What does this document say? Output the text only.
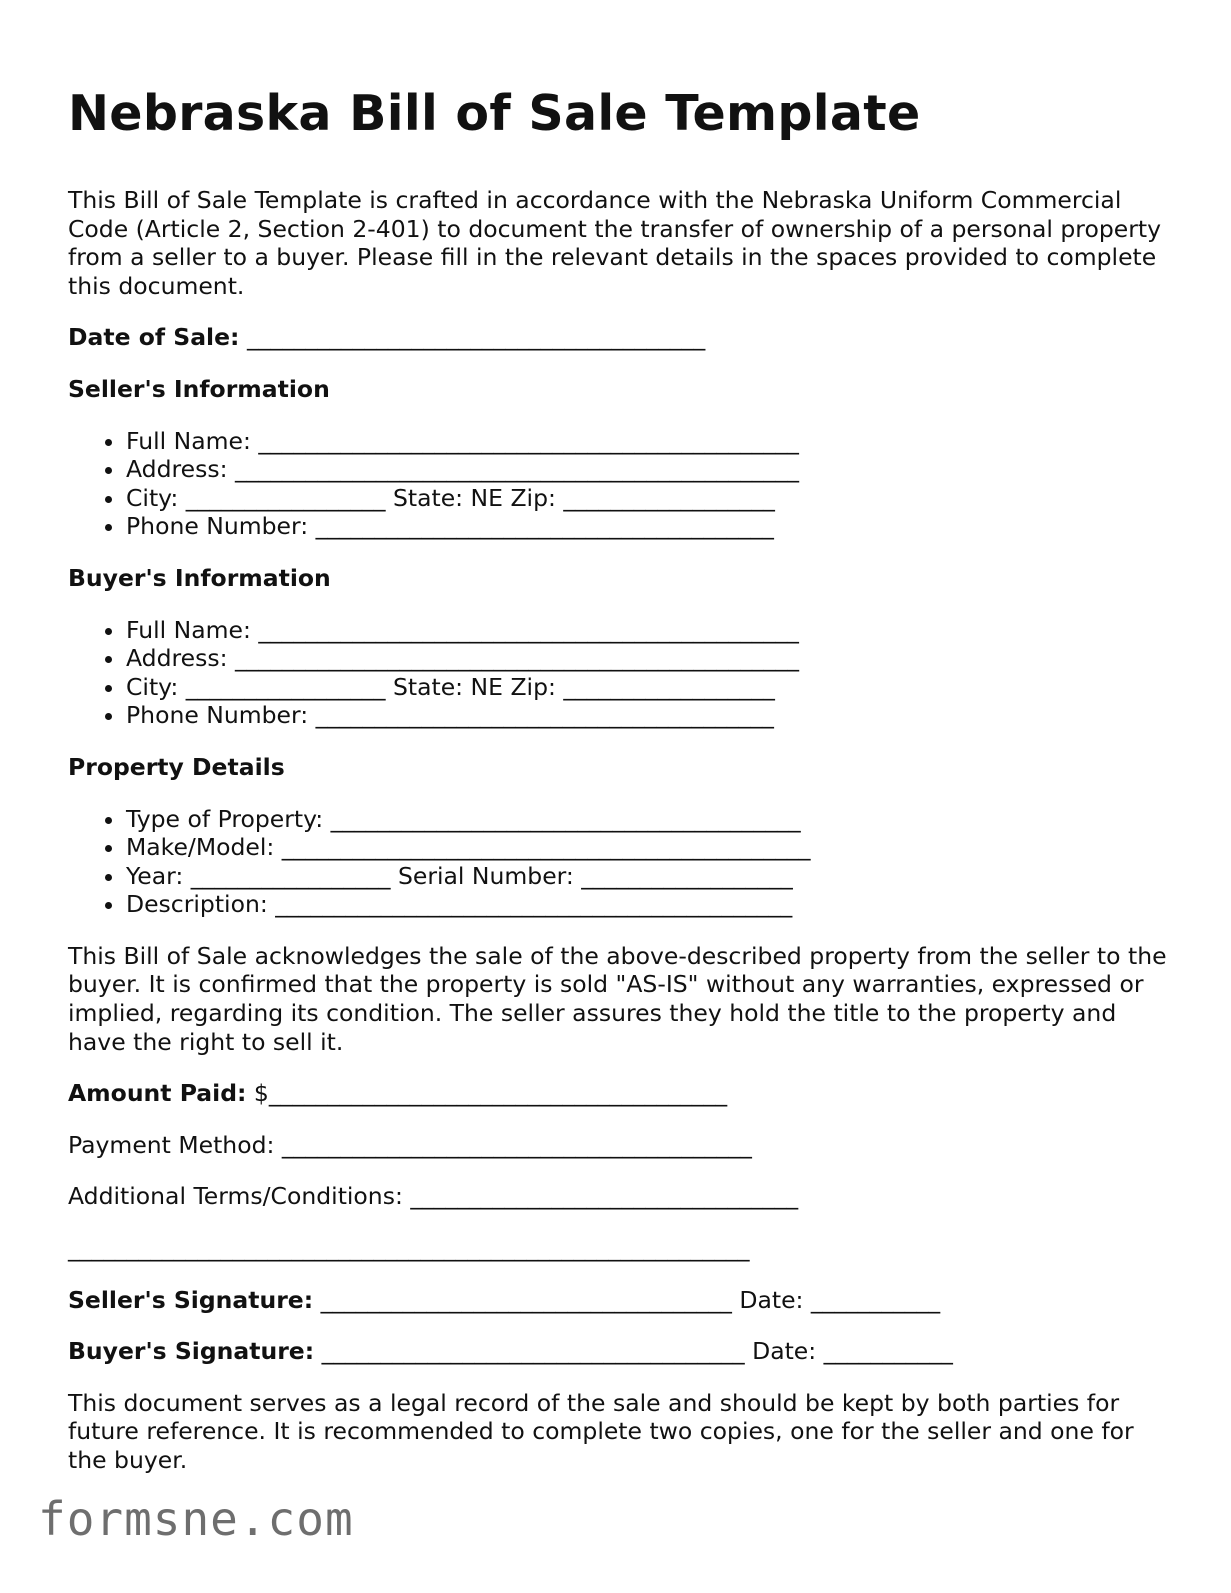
Nebraska Bill of Sale Template

This Bill of Sale Template is crafted in accordance with the Nebraska Uniform Commercial Code (Article 2, Section 2-401) to document the transfer of ownership of a personal property from a seller to a buyer. Please fill in the relevant details in the spaces provided to complete this document.

Date of Sale: _______________________________________
Seller's Information
• Full Name: ______________________________________________
• Address: ________________________________________________
• City: _________________ State: NE Zip: __________________
• Phone Number: _______________________________________
Buyer's Information
• Full Name: ______________________________________________
• Address: ________________________________________________
• City: _________________ State: NE Zip: __________________
• Phone Number: _______________________________________
Property Details
• Type of Property: ________________________________________
• Make/Model: _____________________________________________
• Year: _________________ Serial Number: __________________
• Description: ____________________________________________

This Bill of Sale acknowledges the sale of the above-described property from the seller to the buyer. It is confirmed that the property is sold "AS-IS" without any warranties, expressed or implied, regarding its condition. The seller assures they hold the title to the property and have the right to sell it.

Amount Paid: $_______________________________________
Payment Method: ________________________________________
Additional Terms/Conditions: _________________________________
__________________________________________________________
Seller's Signature: ___________________________________ Date: ___________
Buyer's Signature: ____________________________________ Date: ___________

This document serves as a legal record of the sale and should be kept by both parties for future reference. It is recommended to complete two copies, one for the seller and one for the buyer.

formsne.com
